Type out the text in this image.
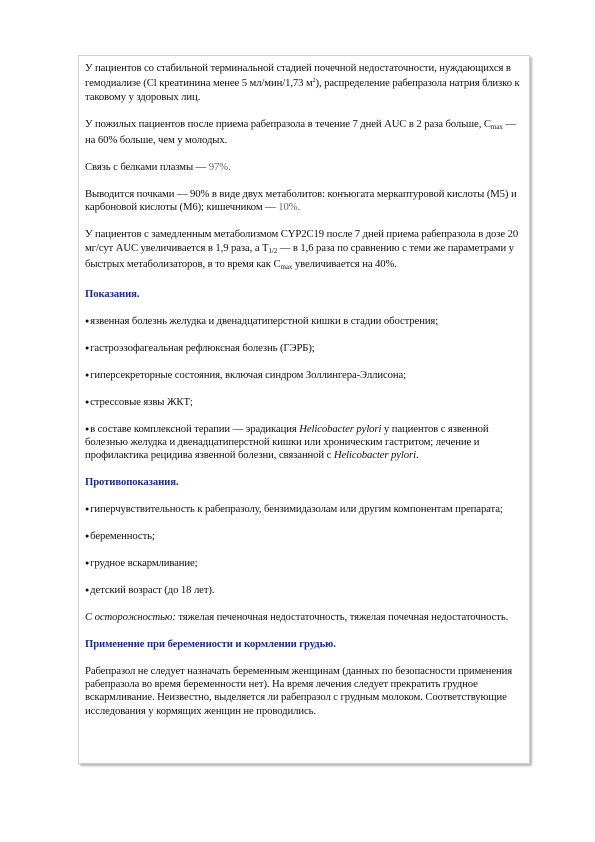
У пациентов со стабильной терминальной стадией почечной недостаточности, нуждающихся в гемодиализе (Cl креатинина менее 5 мл/мин/1,73 $м^2$), распределение рабепразола натрия близко к таковому у здоровых лиц.

У пожилых пациентов после приема рабепразола в течение 7 дней AUC в 2 раза больше, $C_{max}$ — на 60% больше, чем у молодых.

Связь с белками плазмы — 97%.

Выводится почками — 90% в виде двух метаболитов: конъюгата меркаптуровой кислоты (М5) и карбоновой кислоты (М6); кишечником — 10%.

У пациентов с замедленным метаболизмом CYP2C19 после 7 дней приема рабепразола в дозе 20 мг/сут AUC увеличивается в 1,9 раза, а $T_{1/2}$ — в 1,6 раза по сравнению с теми же параметрами у быстрых метаболизаторов, в то время как $C_{max}$ увеличивается на 40%.

Показания.
●язвенная болезнь желудка и двенадцатиперстной кишки в стадии обострения;
●гастроэзофагеальная рефлюксная болезнь (ГЭРБ);
●гиперсекреторные состояния, включая синдром Золлингера-Эллисона;
●стрессовые язвы ЖКТ;
●в составе комплексной терапии — эрадикация Helicobacter pylori у пациентов с язвенной болезнью желудка и двенадцатиперстной кишки или хроническим гастритом; лечение и профилактика рецидива язвенной болезни, связанной с Helicobacter pylori.
Противопоказания.
●гиперчувствительность к рабепразолу, бензимидазолам или другим компонентам препарата;
●беременность;
●грудное вскармливание;
●детский возраст (до 18 лет).

С осторожностью: тяжелая печеночная недостаточность, тяжелая почечная недостаточность.

Применение при беременности и кормлении грудью.

Рабепразол не следует назначать беременным женщинам (данных по безопасности применения рабепразола во время беременности нет). На время лечения следует прекратить грудное вскармливание. Неизвестно, выделяется ли рабепразол с грудным молоком. Соответствующие исследования у кормящих женщин не проводились.
